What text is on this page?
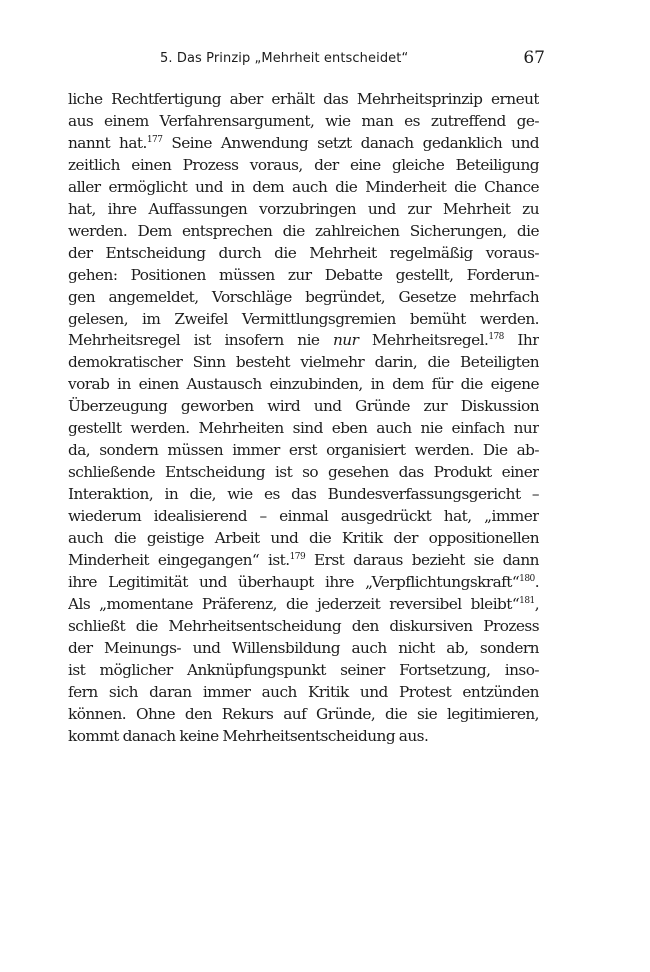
5. Das Prinzip „Mehrheit entscheidet“	67
liche Rechtfertigung aber erhält das Mehrheitsprinzip erneut
aus einem Verfahrensargument, wie man es zutreffend ge-
nannt hat.$^{177}$ Seine Anwendung setzt danach gedanklich und
zeitlich einen Prozess voraus, der eine gleiche Beteiligung
aller ermöglicht und in dem auch die Minderheit die Chance
hat, ihre Auffassungen vorzubringen und zur Mehrheit zu
werden. Dem entsprechen die zahlreichen Sicherungen, die
der Entscheidung durch die Mehrheit regelmäßig voraus-
gehen: Positionen müssen zur Debatte gestellt, Forderun-
gen angemeldet, Vorschläge begründet, Gesetze mehrfach
gelesen, im Zweifel Vermittlungsgremien bemüht werden.
Mehrheitsregel ist insofern nie nur Mehrheitsregel.$^{178}$ Ihr
demokratischer Sinn besteht vielmehr darin, die Beteiligten
vorab in einen Austausch einzubinden, in dem für die eigene
Überzeugung geworben wird und Gründe zur Diskussion
gestellt werden. Mehrheiten sind eben auch nie einfach nur
da, sondern müssen immer erst organisiert werden. Die ab-
schließende Entscheidung ist so gesehen das Produkt einer
Interaktion, in die, wie es das Bundesverfassungsgericht –
wiederum idealisierend – einmal ausgedrückt hat, „immer
auch die geistige Arbeit und die Kritik der oppositionellen
Minderheit eingegangen“ ist.$^{179}$ Erst daraus bezieht sie dann
ihre Legitimität und überhaupt ihre „Verpflichtungskraft“$^{180}$.
Als „momentane Präferenz, die jederzeit reversibel bleibt“$^{181}$,
schließt die Mehrheitsentscheidung den diskursiven Prozess
der Meinungs- und Willensbildung auch nicht ab, sondern
ist möglicher Anknüpfungspunkt seiner Fortsetzung, inso-
fern sich daran immer auch Kritik und Protest entzünden
können. Ohne den Rekurs auf Gründe, die sie legitimieren,
kommt danach keine Mehrheitsentscheidung aus.
